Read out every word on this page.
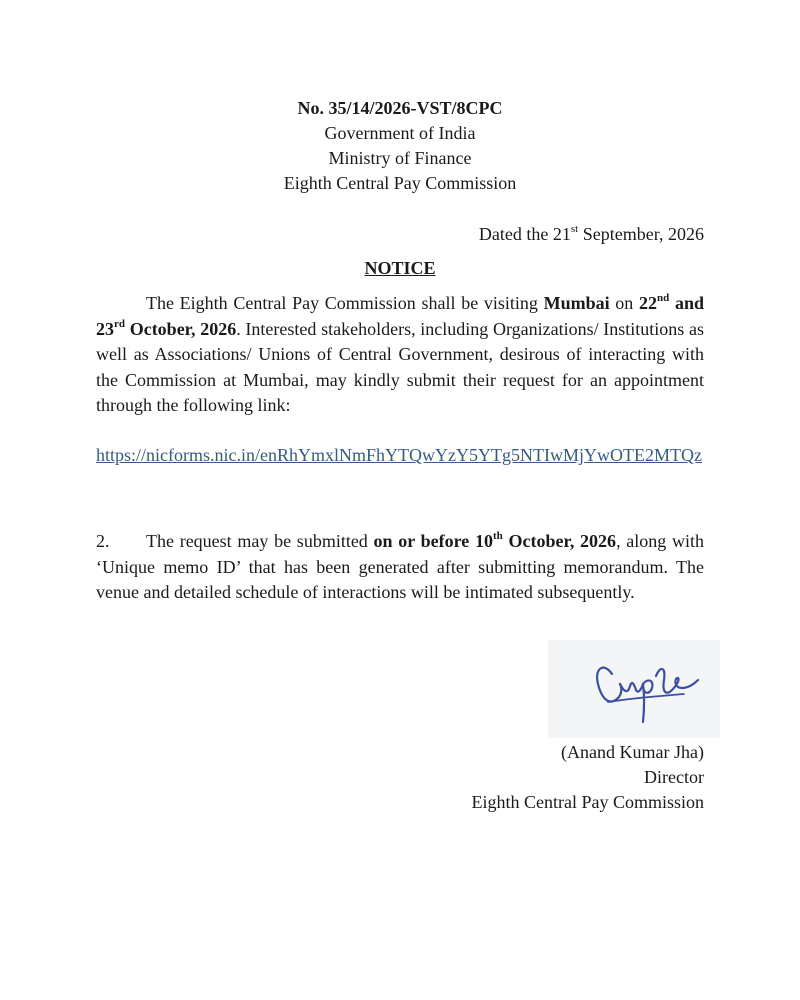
No. 35/14/2026-VST/8CPC
Government of India
Ministry of Finance
Eighth Central Pay Commission
Dated the 21st September, 2026
NOTICE
The Eighth Central Pay Commission shall be visiting Mumbai on 22nd and 23rd October, 2026. Interested stakeholders, including Organizations/ Institutions as well as Associations/ Unions of Central Government, desirous of interacting with the Commission at Mumbai, may kindly submit their request for an appointment through the following link:
https://nicforms.nic.in/enRhYmxlNmFhYTQwYzY5YTg5NTIwMjYwOTE2MTQz
2. The request may be submitted on or before 10th October, 2026, along with ‘Unique memo ID’ that has been generated after submitting memorandum. The venue and detailed schedule of interactions will be intimated subsequently.
(Anand Kumar Jha)
Director
Eighth Central Pay Commission
